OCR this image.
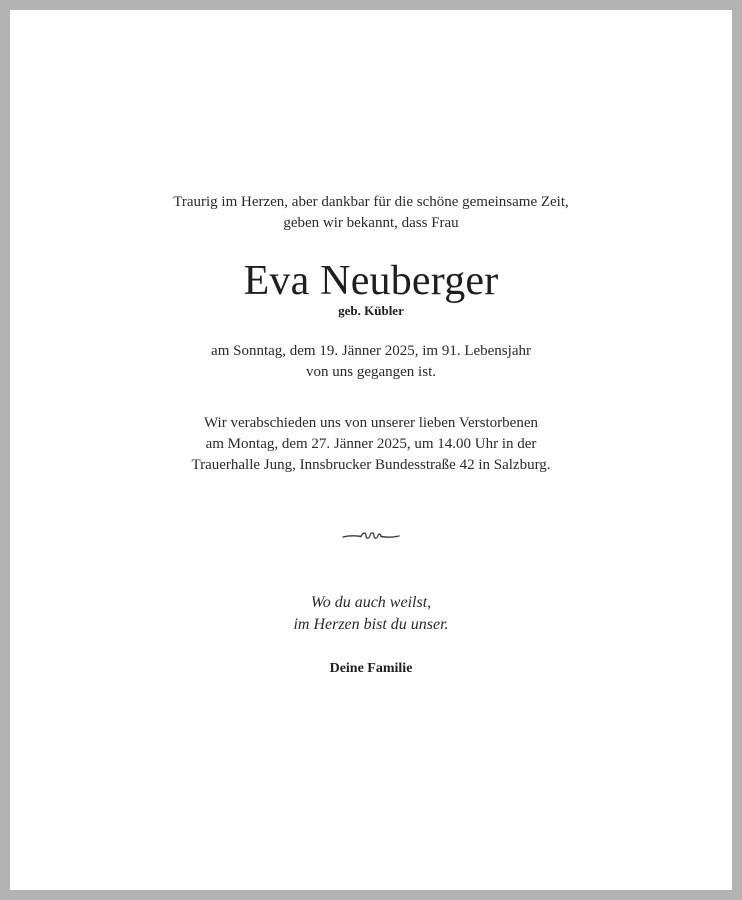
Traurig im Herzen, aber dankbar für die schöne gemeinsame Zeit,
geben wir bekannt, dass Frau
Eva Neuberger
geb. Kübler
am Sonntag, dem 19. Jänner 2025, im 91. Lebensjahr
von uns gegangen ist.
Wir verabschieden uns von unserer lieben Verstorbenen
am Montag, dem 27. Jänner 2025, um 14.00 Uhr in der
Trauerhalle Jung, Innsbrucker Bundesstraße 42 in Salzburg.
Wo du auch weilst,
im Herzen bist du unser.
Deine Familie
